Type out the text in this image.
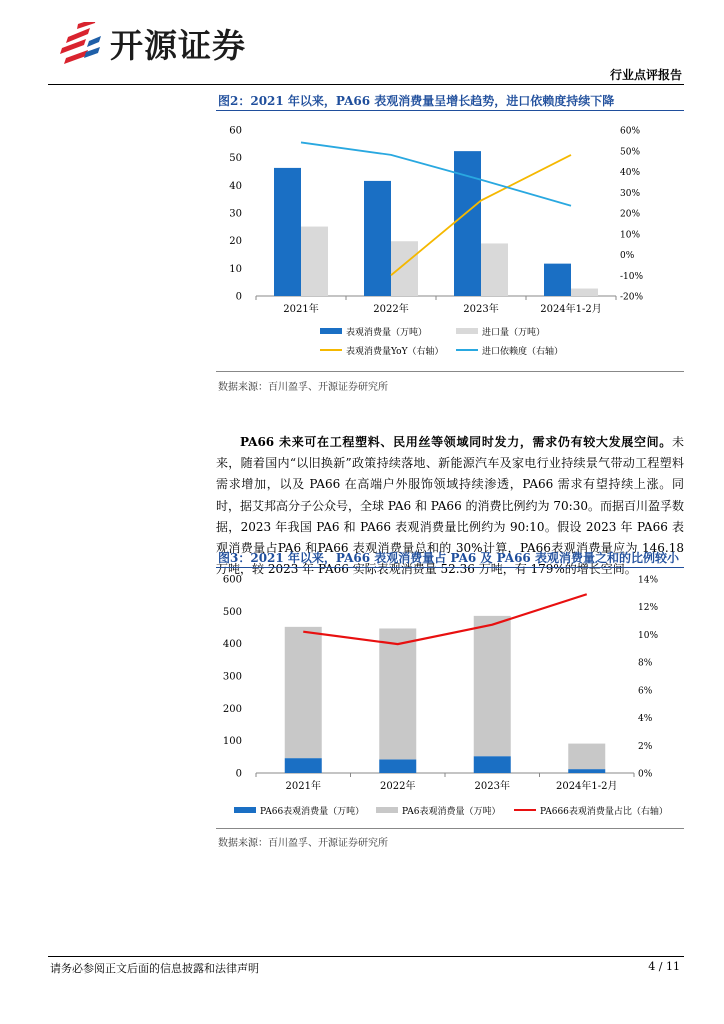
开源证券
行业点评报告
图2：2021 年以来，PA66 表观消费量呈增长趋势，进口依赖度持续下降
0
10
20
30
40
50
60
-20%
-10%
0%
10%
20%
30%
40%
50%
60%
2021年	2022年	2023年	2024年1-2月
表观消费量（万吨）	进口量（万吨）
表观消费量YoY（右轴）	进口依赖度（右轴）
数据来源：百川盈孚、开源证券研究所
PA66 未来可在工程塑料、民用丝等领域同时发力，需求仍有较大发展空间。未来，随着国内“以旧换新”政策持续落地、新能源汽车及家电行业持续景气带动工程塑料需求增加，以及 PA66 在高端户外服饰领域持续渗透，PA66 需求有望持续上涨。同时，据艾邦高分子公众号，全球 PA6 和 PA66 的消费比例约为 70:30。而据百川盈孚数据，2023 年我国 PA6 和 PA66 表观消费量比例约为 90:10。假设 2023 年 PA66 表观消费量占PA6 和PA66 表观消费量总和的 30%计算，PA66表观消费量应为 146.18 万吨，较 2023 年 PA66 实际表观消费量 52.36 万吨，有 179%的增长空间。
图3：2021 年以来，PA66 表观消费量占 PA6 及 PA66 表观消费量之和的比例较小
0
100
200
300
400
500
600
0%
2%
4%
6%
8%
10%
12%
14%
2021年	2022年	2023年	2024年1-2月
PA66表观消费量（万吨）	PA6表观消费量（万吨）	PA666表观消费量占比（右轴）
数据来源：百川盈孚、开源证券研究所
请务必参阅正文后面的信息披露和法律声明	4 / 11
